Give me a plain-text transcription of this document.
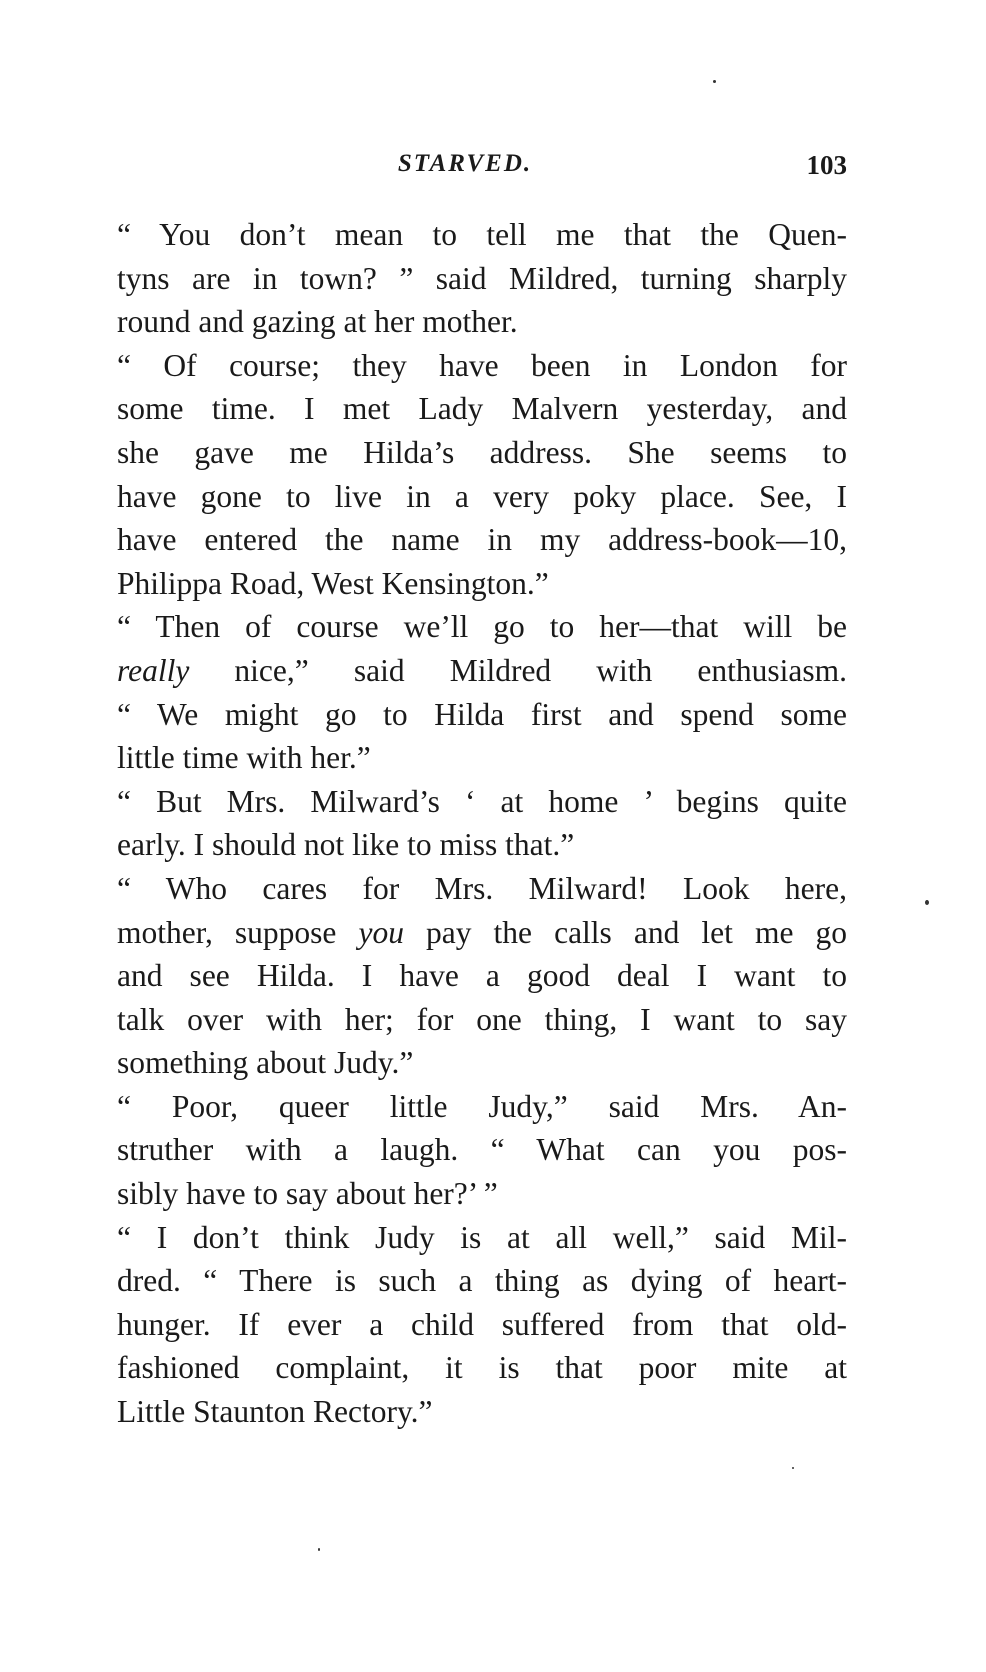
STARVED.	103
“ You don’t mean to tell me that the Quen-
tyns are in town? ” said Mildred, turning sharply
round and gazing at her mother.
“ Of course; they have been in London for
some time. I met Lady Malvern yesterday, and
she gave me Hilda’s address. She seems to
have gone to live in a very poky place. See, I
have entered the name in my address-book—10,
Philippa Road, West Kensington.”
“ Then of course we’ll go to her—that will be
really nice,” said Mildred with enthusiasm.
“ We might go to Hilda first and spend some
little time with her.”
“ But Mrs. Milward’s ‘ at home ’ begins quite
early. I should not like to miss that.”
“ Who cares for Mrs. Milward! Look here,
mother, suppose you pay the calls and let me go
and see Hilda. I have a good deal I want to
talk over with her; for one thing, I want to say
something about Judy.”
“ Poor, queer little Judy,” said Mrs. An-
struther with a laugh. “ What can you pos-
sibly have to say about her?’ ”
“ I don’t think Judy is at all well,” said Mil-
dred. “ There is such a thing as dying of heart-
hunger. If ever a child suffered from that old-
fashioned complaint, it is that poor mite at
Little Staunton Rectory.”
